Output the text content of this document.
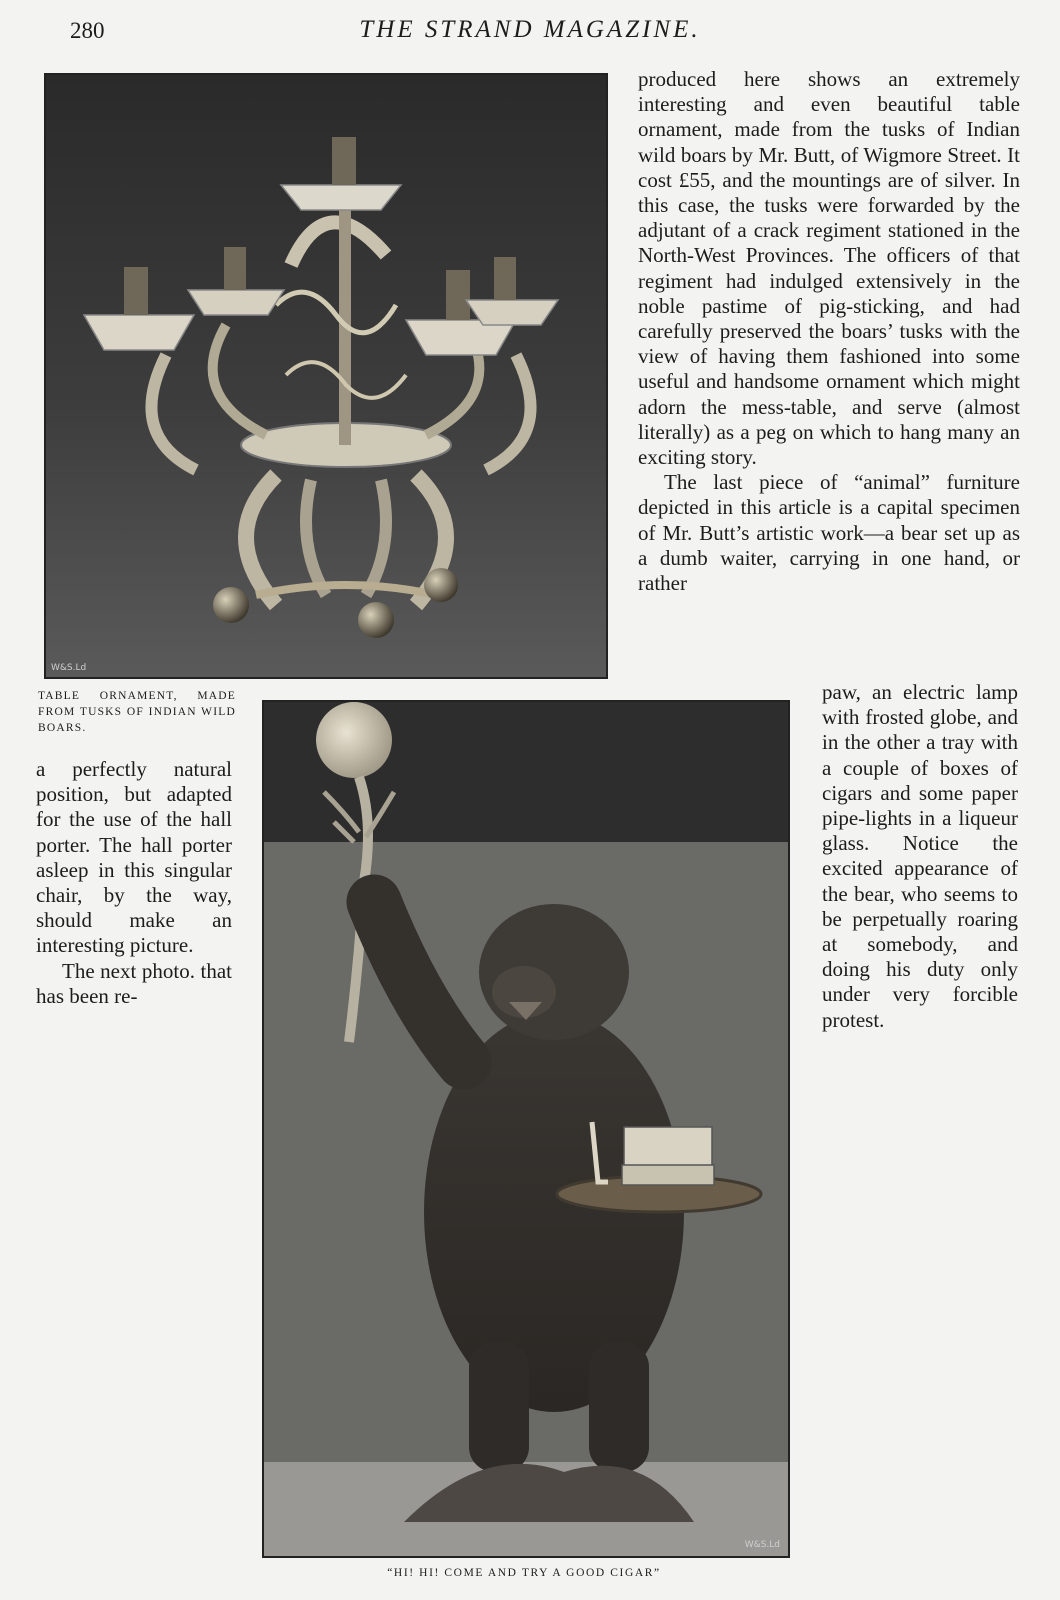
280	THE STRAND MAGAZINE.
W&S.Ld
TABLE ORNAMENT, MADE FROM TUSKS OF INDIAN WILD BOARS.
W&S.Ld
“HI! HI! COME AND TRY A GOOD CIGAR”

produced here shows an extremely interesting and even beautiful table ornament, made from the tusks of Indian wild boars by Mr. Butt, of Wigmore Street. It cost £55, and the mountings are of silver. In this case, the tusks were forwarded by the adjutant of a crack regiment stationed in the North-West Provinces. The officers of that regiment had indulged extensively in the noble pastime of pig-sticking, and had carefully preserved the boars’ tusks with the view of having them fashioned into some useful and handsome ornament which might adorn the mess-table, and serve (almost literally) as a peg on which to hang many an exciting story.

The last piece of “animal” furniture depicted in this article is a capital specimen of Mr. Butt’s artistic work—a bear set up as a dumb waiter, carrying in one hand, or rather

paw, an electric lamp with frosted globe, and in the other a tray with a couple of boxes of cigars and some paper pipe-lights in a liqueur glass. Notice the excited appearance of the bear, who seems to be perpetually roaring at somebody, and doing his duty only under very forcible protest.

a perfectly natural position, but adapted for the use of the hall porter. The hall porter asleep in this singular chair, by the way, should make an interesting picture.

The next photo. that has been re-
